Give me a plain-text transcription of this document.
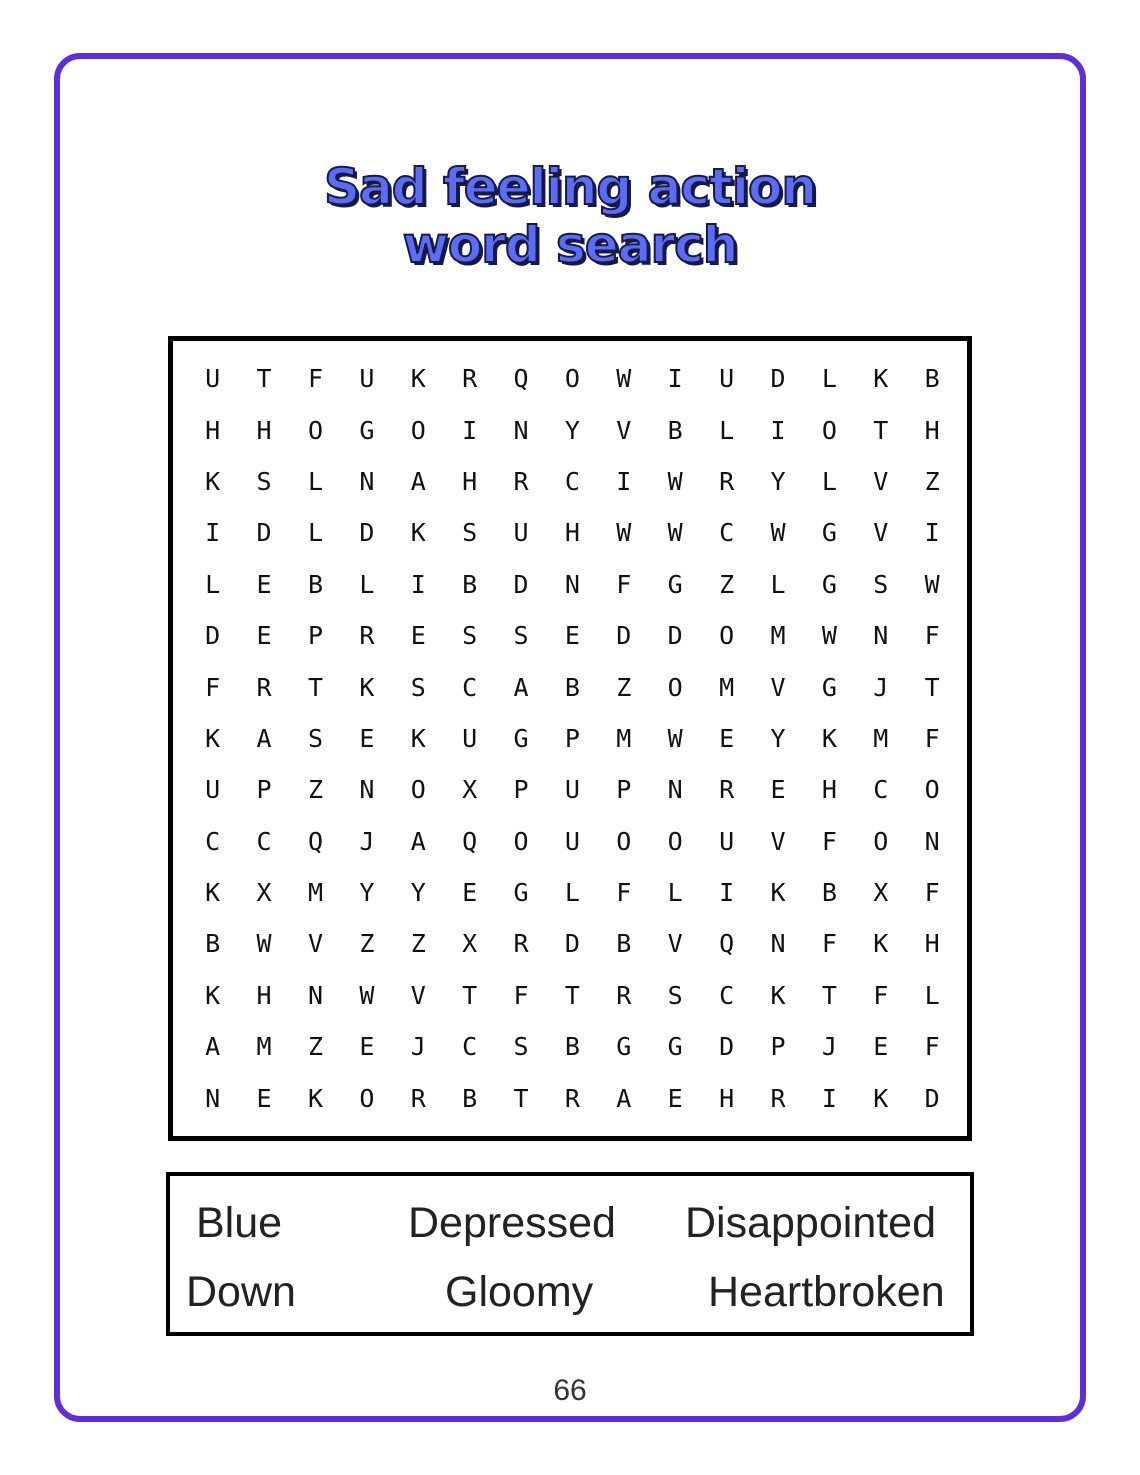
Sad feeling action
word search
U	T	F	U	K	R	Q	O	W	I	U	D	L	K	B
H	H	O	G	O	I	N	Y	V	B	L	I	O	T	H
K	S	L	N	A	H	R	C	I	W	R	Y	L	V	Z
I	D	L	D	K	S	U	H	W	W	C	W	G	V	I
L	E	B	L	I	B	D	N	F	G	Z	L	G	S	W
D	E	P	R	E	S	S	E	D	D	O	M	W	N	F
F	R	T	K	S	C	A	B	Z	O	M	V	G	J	T
K	A	S	E	K	U	G	P	M	W	E	Y	K	M	F
U	P	Z	N	O	X	P	U	P	N	R	E	H	C	O
C	C	Q	J	A	Q	O	U	O	O	U	V	F	O	N
K	X	M	Y	Y	E	G	L	F	L	I	K	B	X	F
B	W	V	Z	Z	X	R	D	B	V	Q	N	F	K	H
K	H	N	W	V	T	F	T	R	S	C	K	T	F	L
A	M	Z	E	J	C	S	B	G	G	D	P	J	E	F
N	E	K	O	R	B	T	R	A	E	H	R	I	K	D
Blue	Depressed Disappointed
Down	Gloomy	Heartbroken
66
